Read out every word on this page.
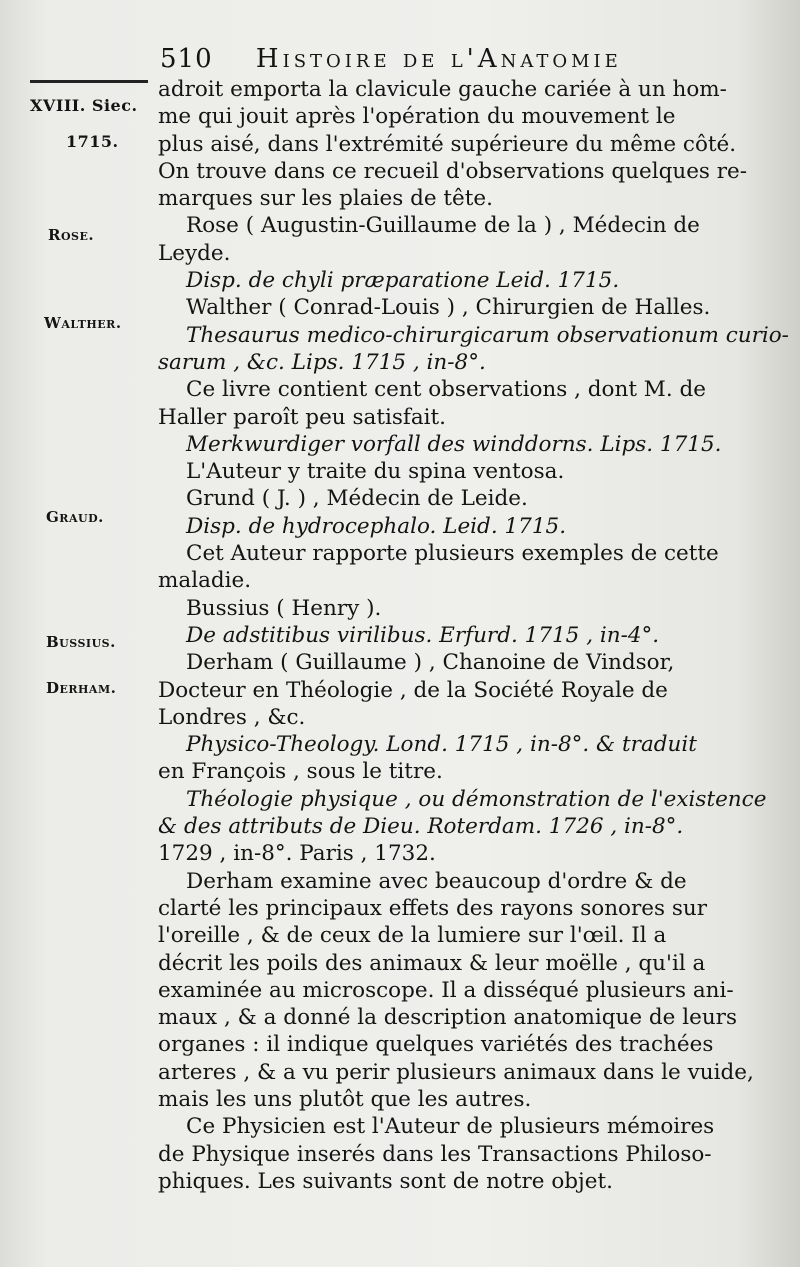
510 Histoire de l'Anatomie
XVIII. Siec.
1715.
Rose.
Walther.
Graud.
Bussius.
Derham.
adroit emporta la clavicule gauche cariée à un hom-
me qui jouit après l'opération du mouvement le
plus aisé, dans l'extrémité supérieure du même côté.
On trouve dans ce recueil d'observations quelques re-
marques sur les plaies de tête.
Rose ( Augustin-Guillaume de la ) , Médecin de
Leyde.
Disp. de chyli præparatione Leid. 1715.
Walther ( Conrad-Louis ) , Chirurgien de Halles.
Thesaurus medico-chirurgicarum observationum curio-
sarum , &c. Lips. 1715 , in-8°.
Ce livre contient cent observations , dont M. de
Haller paroît peu satisfait.
Merkwurdiger vorfall des winddorns. Lips. 1715.
L'Auteur y traite du spina ventosa.
Grund ( J. ) , Médecin de Leide.
Disp. de hydrocephalo. Leid. 1715.
Cet Auteur rapporte plusieurs exemples de cette
maladie.
Bussius ( Henry ).
De adstitibus virilibus. Erfurd. 1715 , in-4°.
Derham ( Guillaume ) , Chanoine de Vindsor,
Docteur en Théologie , de la Société Royale de
Londres , &c.
Physico-Theology. Lond. 1715 , in-8°. & traduit
en François , sous le titre.
Théologie physique , ou démonstration de l'existence
& des attributs de Dieu. Roterdam. 1726 , in-8°.
1729 , in-8°. Paris , 1732.
Derham examine avec beaucoup d'ordre & de
clarté les principaux effets des rayons sonores sur
l'oreille , & de ceux de la lumiere sur l'œil. Il a
décrit les poils des animaux & leur moëlle , qu'il a
examinée au microscope. Il a disséqué plusieurs ani-
maux , & a donné la description anatomique de leurs
organes : il indique quelques variétés des trachées
arteres , & a vu perir plusieurs animaux dans le vuide,
mais les uns plutôt que les autres.
Ce Physicien est l'Auteur de plusieurs mémoires
de Physique inserés dans les Transactions Philoso-
phiques. Les suivants sont de notre objet.
